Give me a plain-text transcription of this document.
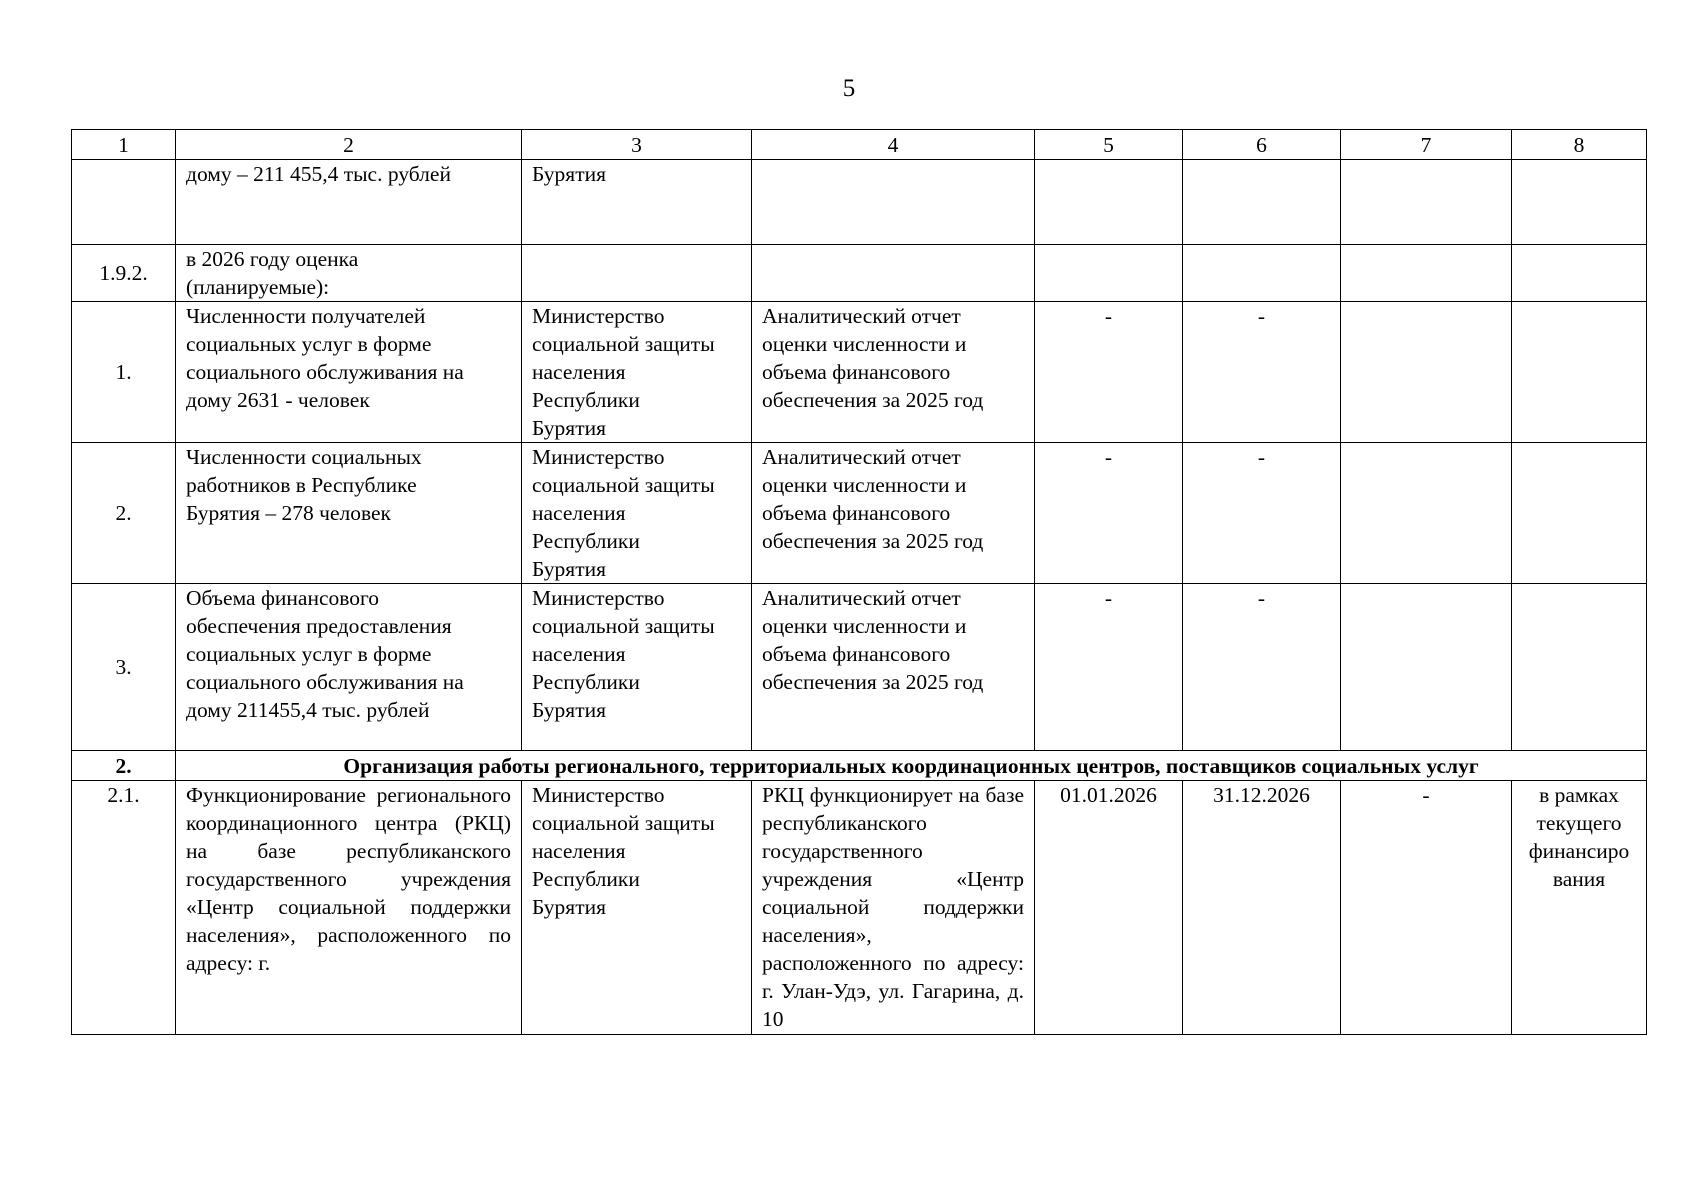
5
1	2	3	4	5	6	7	8
	дому – 211 455,4 тыс. рублей	Бурятия					
1.9.2.	в 2026 году оценка
(планируемые):						
1.	Численности получателей
социальных услуг в форме
социального обслуживания на
дому 2631 - человек	Министерство
социальной защиты
населения
Республики
Бурятия	Аналитический отчет
оценки численности и
объема финансового
обеспечения за 2025 год	-	-		
2.	Численности социальных
работников в Республике
Бурятия – 278 человек	Министерство
социальной защиты
населения
Республики
Бурятия	Аналитический отчет
оценки численности и
объема финансового
обеспечения за 2025 год	-	-		
3.	Объема финансового
обеспечения предоставления
социальных услуг в форме
социального обслуживания на
дому 211455,4 тыс. рублей	Министерство
социальной защиты
населения
Республики
Бурятия	Аналитический отчет
оценки численности и
объема финансового
обеспечения за 2025 год	-	-		
2.	Организация работы регионального, территориальных координационных центров, поставщиков социальных услуг						
2.1.	Функционирование регионального координационного центра (РКЦ) на базе республиканского государственного учреждения «Центр социальной поддержки населения», расположенного по адресу: г.	Министерство
социальной защиты
населения
Республики
Бурятия	РКЦ функционирует на базе республиканского государственного учреждения «Центр социальной поддержки населения», расположенного по адресу: г. Улан-Удэ, ул. Гагарина, д. 10	01.01.2026	31.12.2026	-	в рамках
текущего
финансиро
вания
